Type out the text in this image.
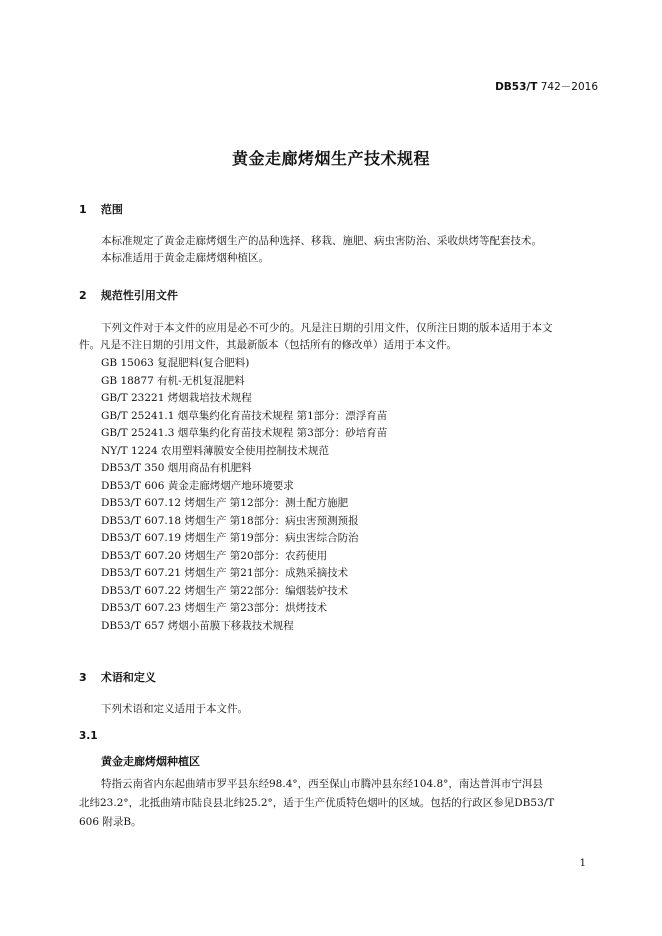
DB53/T 742－2016
黄金走廊烤烟生产技术规程
1 范围
本标准规定了黄金走廊烤烟生产的品种选择、移栽、施肥、病虫害防治、采收烘烤等配套技术。
本标准适用于黄金走廊烤烟种植区。
2 规范性引用文件
下列文件对于本文件的应用是必不可少的。凡是注日期的引用文件，仅所注日期的版本适用于本文
件。凡是不注日期的引用文件，其最新版本（包括所有的修改单）适用于本文件。
GB 15063 复混肥料(复合肥料)
GB 18877 有机-无机复混肥料
GB/T 23221 烤烟栽培技术规程
GB/T 25241.1 烟草集约化育苗技术规程 第1部分：漂浮育苗
GB/T 25241.3 烟草集约化育苗技术规程 第3部分：砂培育苗
NY/T 1224 农用塑料薄膜安全使用控制技术规范
DB53/T 350 烟用商品有机肥料
DB53/T 606 黄金走廊烤烟产地环境要求
DB53/T 607.12 烤烟生产 第12部分：测土配方施肥
DB53/T 607.18 烤烟生产 第18部分：病虫害预测预报
DB53/T 607.19 烤烟生产 第19部分：病虫害综合防治
DB53/T 607.20 烤烟生产 第20部分：农药使用
DB53/T 607.21 烤烟生产 第21部分：成熟采摘技术
DB53/T 607.22 烤烟生产 第22部分：编烟装炉技术
DB53/T 607.23 烤烟生产 第23部分：烘烤技术
DB53/T 657 烤烟小苗膜下移栽技术规程
3 术语和定义
下列术语和定义适用于本文件。
3.1
黄金走廊烤烟种植区
特指云南省内东起曲靖市罗平县东经98.4°，西至保山市腾冲县东经104.8°，南达普洱市宁洱县
北纬23.2°，北抵曲靖市陆良县北纬25.2°，适于生产优质特色烟叶的区域。包括的行政区参见DB53/T
606 附录B。
1
